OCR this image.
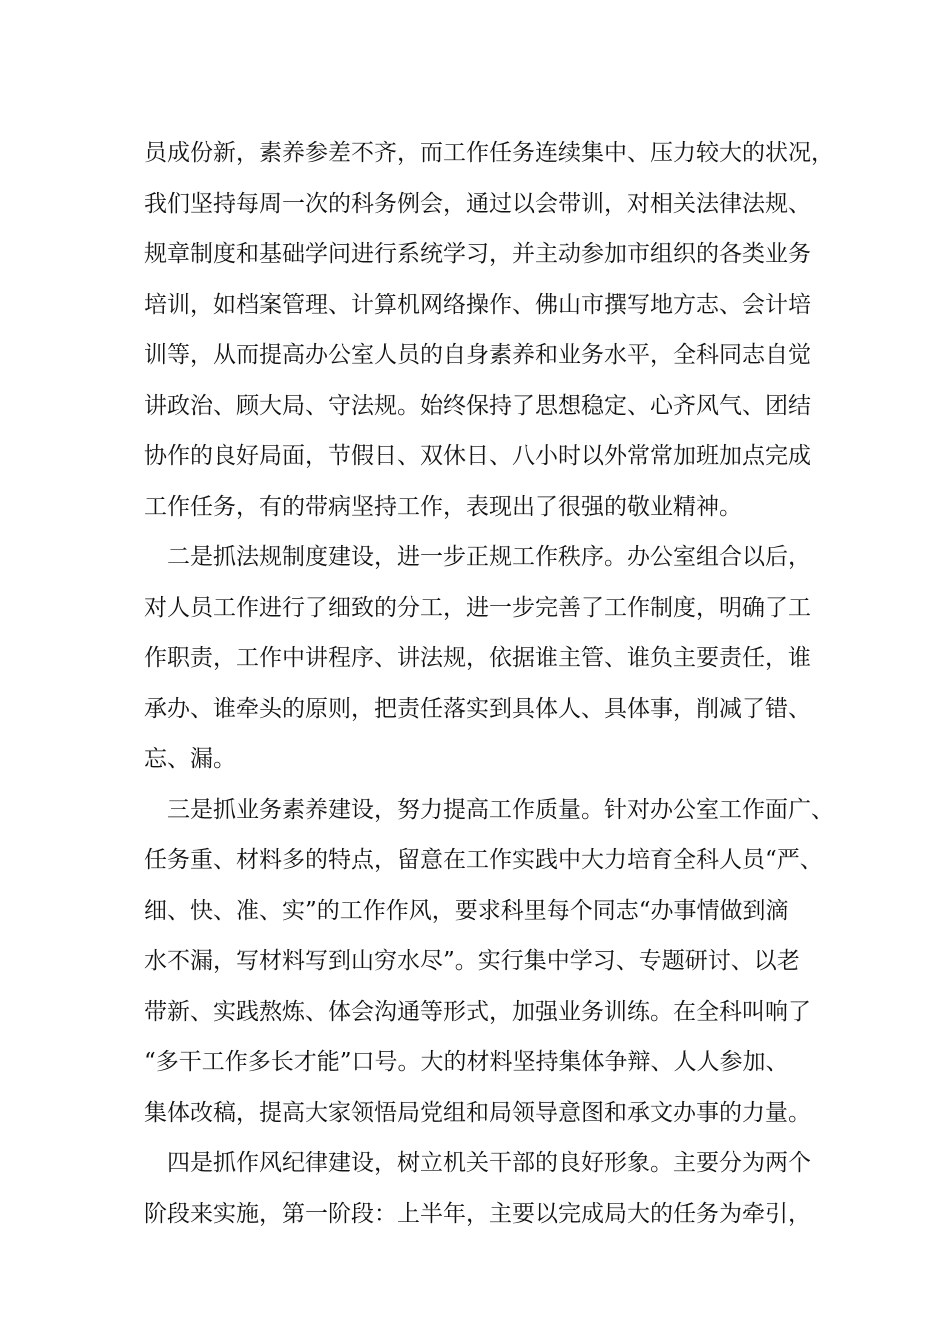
员成份新，素养参差不齐，而工作任务连续集中、压力较大的状况，
我们坚持每周一次的科务例会，通过以会带训，对相关法律法规、
规章制度和基础学问进行系统学习，并主动参加市组织的各类业务
培训，如档案管理、计算机网络操作、佛山市撰写地方志、会计培
训等，从而提高办公室人员的自身素养和业务水平，全科同志自觉
讲政治、顾大局、守法规。始终保持了思想稳定、心齐风气、团结
协作的良好局面，节假日、双休日、八小时以外常常加班加点完成
工作任务，有的带病坚持工作，表现出了很强的敬业精神。
二是抓法规制度建设，进一步正规工作秩序。办公室组合以后，
对人员工作进行了细致的分工，进一步完善了工作制度，明确了工
作职责，工作中讲程序、讲法规，依据谁主管、谁负主要责任，谁
承办、谁牵头的原则，把责任落实到具体人、具体事，削减了错、
忘、漏。
三是抓业务素养建设，努力提高工作质量。针对办公室工作面广、
任务重、材料多的特点，留意在工作实践中大力培育全科人员“严、
细、快、准、实”的工作作风，要求科里每个同志“办事情做到滴
水不漏，写材料写到山穷水尽”。实行集中学习、专题研讨、以老
带新、实践熬炼、体会沟通等形式，加强业务训练。在全科叫响了
“多干工作多长才能”口号。大的材料坚持集体争辩、人人参加、
集体改稿，提高大家领悟局党组和局领导意图和承文办事的力量。
四是抓作风纪律建设，树立机关干部的良好形象。主要分为两个
阶段来实施，第一阶段：上半年，主要以完成局大的任务为牵引，
